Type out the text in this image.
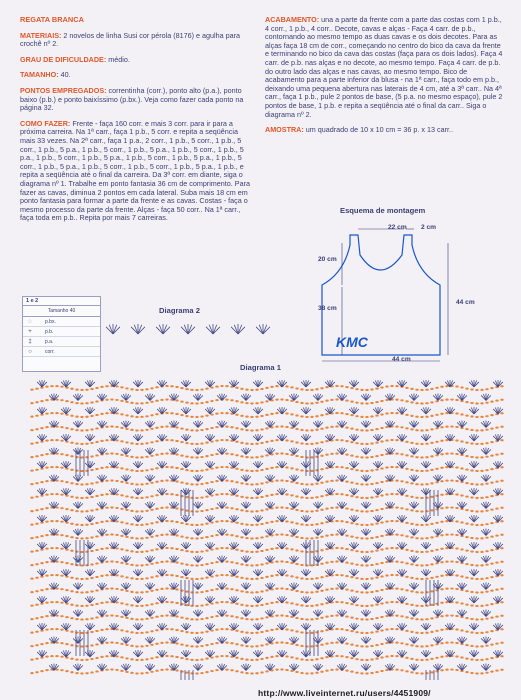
REGATA BRANCA
MATERIAIS: 2 novelos de linha Susi cor pérola (8176) e agulha para crochê nº 2.
GRAU DE DIFICULDADE: médio.
TAMANHO: 40.
PONTOS EMPREGADOS: correntinha (corr.), ponto alto (p.a.), ponto baixo (p.b.) e ponto baixíssimo (p.bx.). Veja como fazer cada ponto na página 32.
COMO FAZER: Frente - faça 160 corr. e mais 3 corr. para ir para a próxima carreira. Na 1ª carr., faça 1 p.b., 5 corr. e repita a seqüência mais 33 vezes. Na 2ª carr., faça 1 p.a., 2 corr., 1 p.b., 5 corr., 1 p.b., 5 corr., 1 p.b., 5 p.a., 1 p.b., 5 corr., 1 p.b., 5 p.a., 1 p.b., 5 corr., 1 p.b., 5 p.a., 1 p.b., 5 corr., 1 p.b., 5 p.a., 1 p.b., 5 corr., 1 p.b., 5 p.a., 1 p.b., 5 corr., 1 p.b., 5 p.a., 1 p.b., 5 corr., 1 p.b., 5 corr., 1 p.b., 5 p.a., 1 p.b., e repita a seqüência até o final da carreira. Da 3ª corr. em diante, siga o diagrama nº 1. Trabalhe em ponto fantasia 36 cm de comprimento. Para fazer as cavas, diminua 2 pontos em cada lateral. Suba mais 18 cm em ponto fantasia para formar a parte da frente e as cavas. Costas - faça o mesmo processo da parte da frente. Alças - faça 50 corr.. Na 1ª carr., faça toda em p.b.. Repita por mais 7 carreiras.
ACABAMENTO: una a parte da frente com a parte das costas com 1 p.b., 4 corr., 1 p.b., 4 corr.. Decote, cavas e alças - Faça 4 carr. de p.b., contornando ao mesmo tempo as duas cavas e os dois decotes. Para as alças faça 18 cm de corr., começando no centro do bico da cava da frente e terminando no bico da cava das costas (faça para os dois lados). Faça 4 carr. de p.b. nas alças e no decote, ao mesmo tempo. Faça 4 carr. de p.b. do outro lado das alças e nas cavas, ao mesmo tempo. Bico de acabamento para a parte inferior da blusa - na 1ª carr., faça todo em p.b., deixando uma pequena abertura nas laterais de 4 cm, até a 3ª carr.. Na 4ª carr., faça 1 p.b., pule 2 pontos de base, (5 p.a. no mesmo espaço), pule 2 pontos de base, 1 p.b. e repita a seqüência até o final da carr.. Siga o diagrama nº 2.
AMOSTRA: um quadrado de 10 x 10 cm = 36 p. x 13 carr..
Esquema de montagem
22 cm 2 cm
20 cm
38 cm
44 cm
44 cm
KMC
1 e 2
Tamanho 40
◌	p.bx.
+	p.b.
‡	p.a.
○	corr.
Diagrama 2
Diagrama 1
http://www.liveinternet.ru/users/4451909/
